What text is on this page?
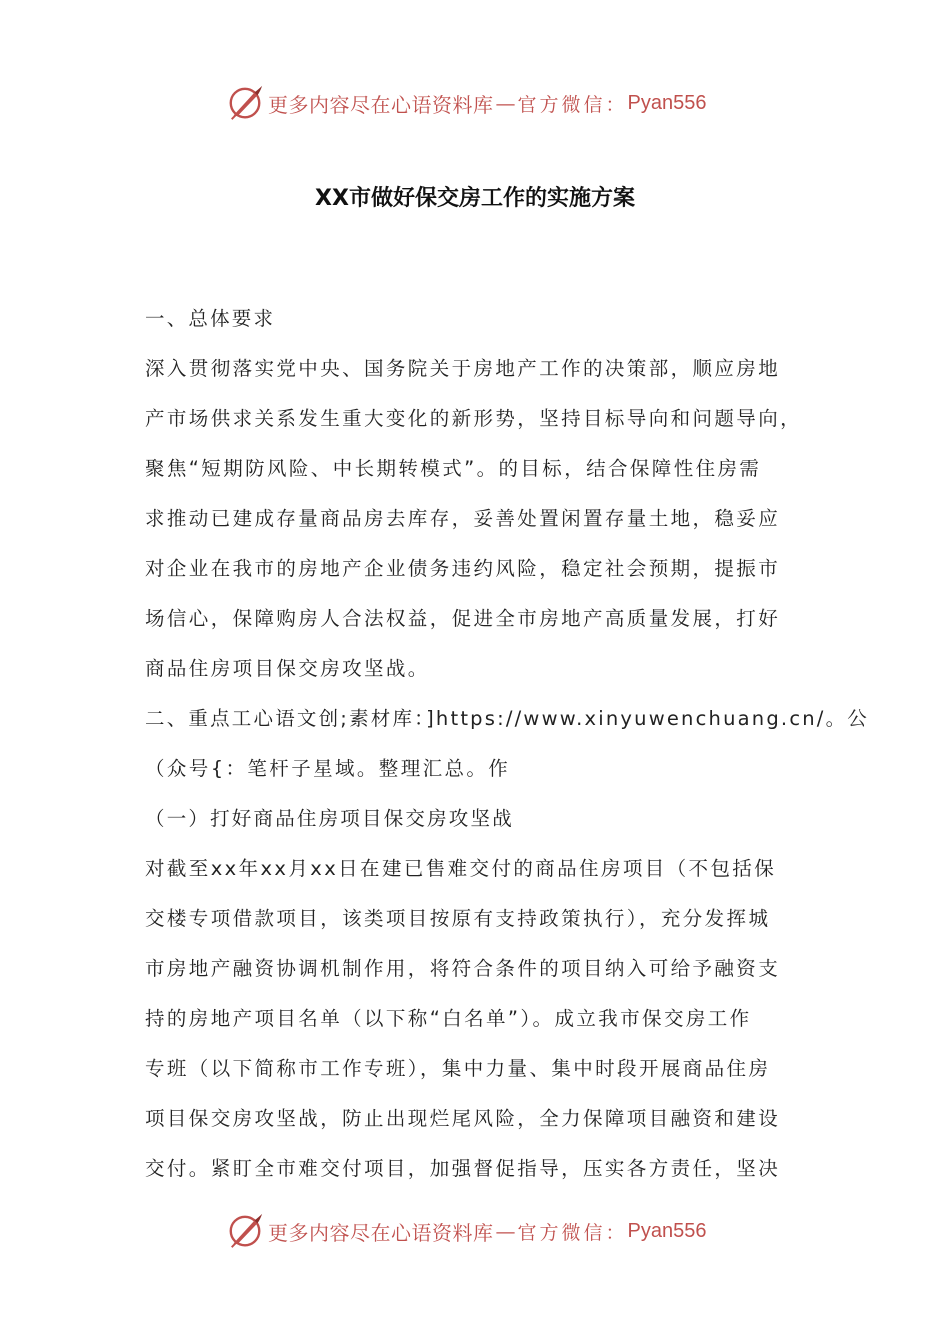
更多内容尽在心语资料库 — 官方微信： Pyan556
XX市做好保交房工作的实施方案
一、总体要求
深入贯彻落实党中央、国务院关于房地产工作的决策部，顺应房地
产市场供求关系发生重大变化的新形势，坚持目标导向和问题导向，
聚焦“短期防风险、中长期转模式”。的目标，结合保障性住房需
求推动已建成存量商品房去库存，妥善处置闲置存量土地，稳妥应
对企业在我市的房地产企业债务违约风险，稳定社会预期，提振市
场信心，保障购房人合法权益，促进全市房地产高质量发展，打好
商品住房项目保交房攻坚战。
二、重点工心语文创;素材库：]https://www.xinyuwenchuang.cn/。公
（众号{：笔杆子星域。整理汇总。作
（一）打好商品住房项目保交房攻坚战
对截至xx年xx月xx日在建已售难交付的商品住房项目（不包括保
交楼专项借款项目，该类项目按原有支持政策执行），充分发挥城
市房地产融资协调机制作用，将符合条件的项目纳入可给予融资支
持的房地产项目名单（以下称“白名单”）。成立我市保交房工作
专班（以下简称市工作专班），集中力量、集中时段开展商品住房
项目保交房攻坚战，防止出现烂尾风险，全力保障项目融资和建设
交付。紧盯全市难交付项目，加强督促指导，压实各方责任，坚决
更多内容尽在心语资料库 — 官方微信： Pyan556
